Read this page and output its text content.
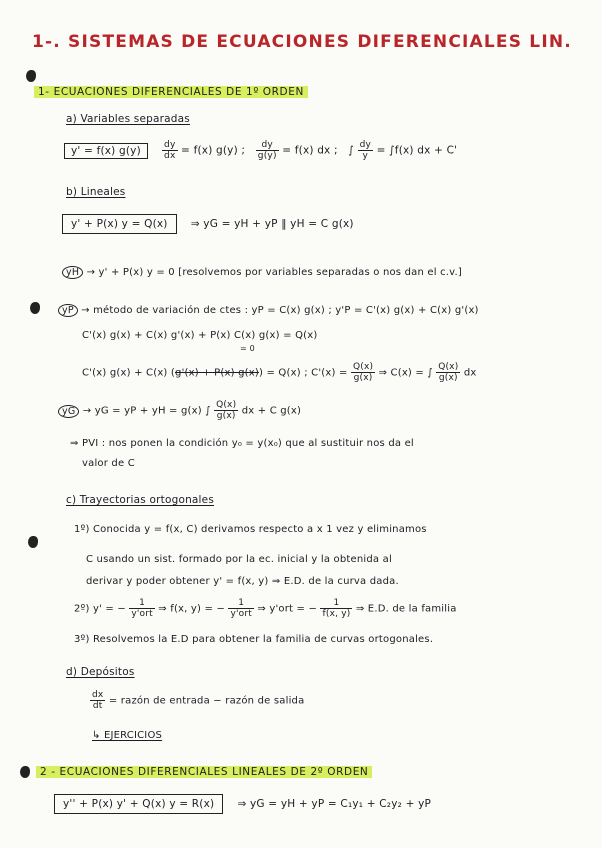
1-. SISTEMAS DE ECUACIONES DIFERENCIALES LIN.
1- ECUACIONES DIFERENCIALES DE 1º ORDEN
a) Variables separadas
y' = f(x) $g(y) \frac{dy}{dx} = f(x)$ g(y) ; $\frac{dy}{g(y)} = f(x)$ dx ; ∫ $\frac{dy}{y} = \int f(x)$ dx + C'
b) Lineales
y' + P(x) y = Q(x) ⇒ yG = yH + yP ‖ yH = C g(x)
yH → y' + P(x) y = 0 [resolvemos por variables separadas o nos dan el c.v.]
yP → método de variación de ctes : yP = C(x) g(x) ; y'P = C'(x) g(x) + C(x) g'(x)
C'(x) g(x) + C(x) g'(x) + P(x) C(x) g(x) = Q(x)
= 0
C'(x) g(x) + C(x) (g'(x) + P(x) g(x)) = Q(x) ; $C'(x) = \frac{Q(x)}{g(x)}$ ⇒ C(x) = ∫ $\frac{Q(x)}{g(x)}$ dx
yG → yG = yP + yH = g(x) ∫ $\frac{Q(x)}{g(x)}$ dx + C g(x)
⇒ PVI : nos ponen la condición y₀ = y(x₀) que al sustituir nos da el
valor de C
c) Trayectorias ortogonales
1º) Conocida y = f(x, C) derivamos respecto a x 1 vez y eliminamos
C usando un sist. formado por la ec. inicial y la obtenida al
derivar y poder obtener y' = f(x, y) ⇒ E.D. de la curva dada.
2º) y' = − $\frac{1}{\text{y'ort}}$ ⇒ f(x, y) = − $\frac{1}{\text{y'ort}}$ ⇒ y'ort = − $\frac{1}{f(x, y)}$ ⇒ E.D. de la familia
3º) Resolvemos la E.D para obtener la familia de curvas ortogonales.
d) Depósitos
$\frac{dx}{dt}$ = razón de entrada − razón de salida
↳ EJERCICIOS
2 - ECUACIONES DIFERENCIALES LINEALES DE 2º ORDEN
y'' + P(x) y' + Q(x) y = R(x) ⇒ yG = yH + yP = C₁y₁ + C₂y₂ + yP
